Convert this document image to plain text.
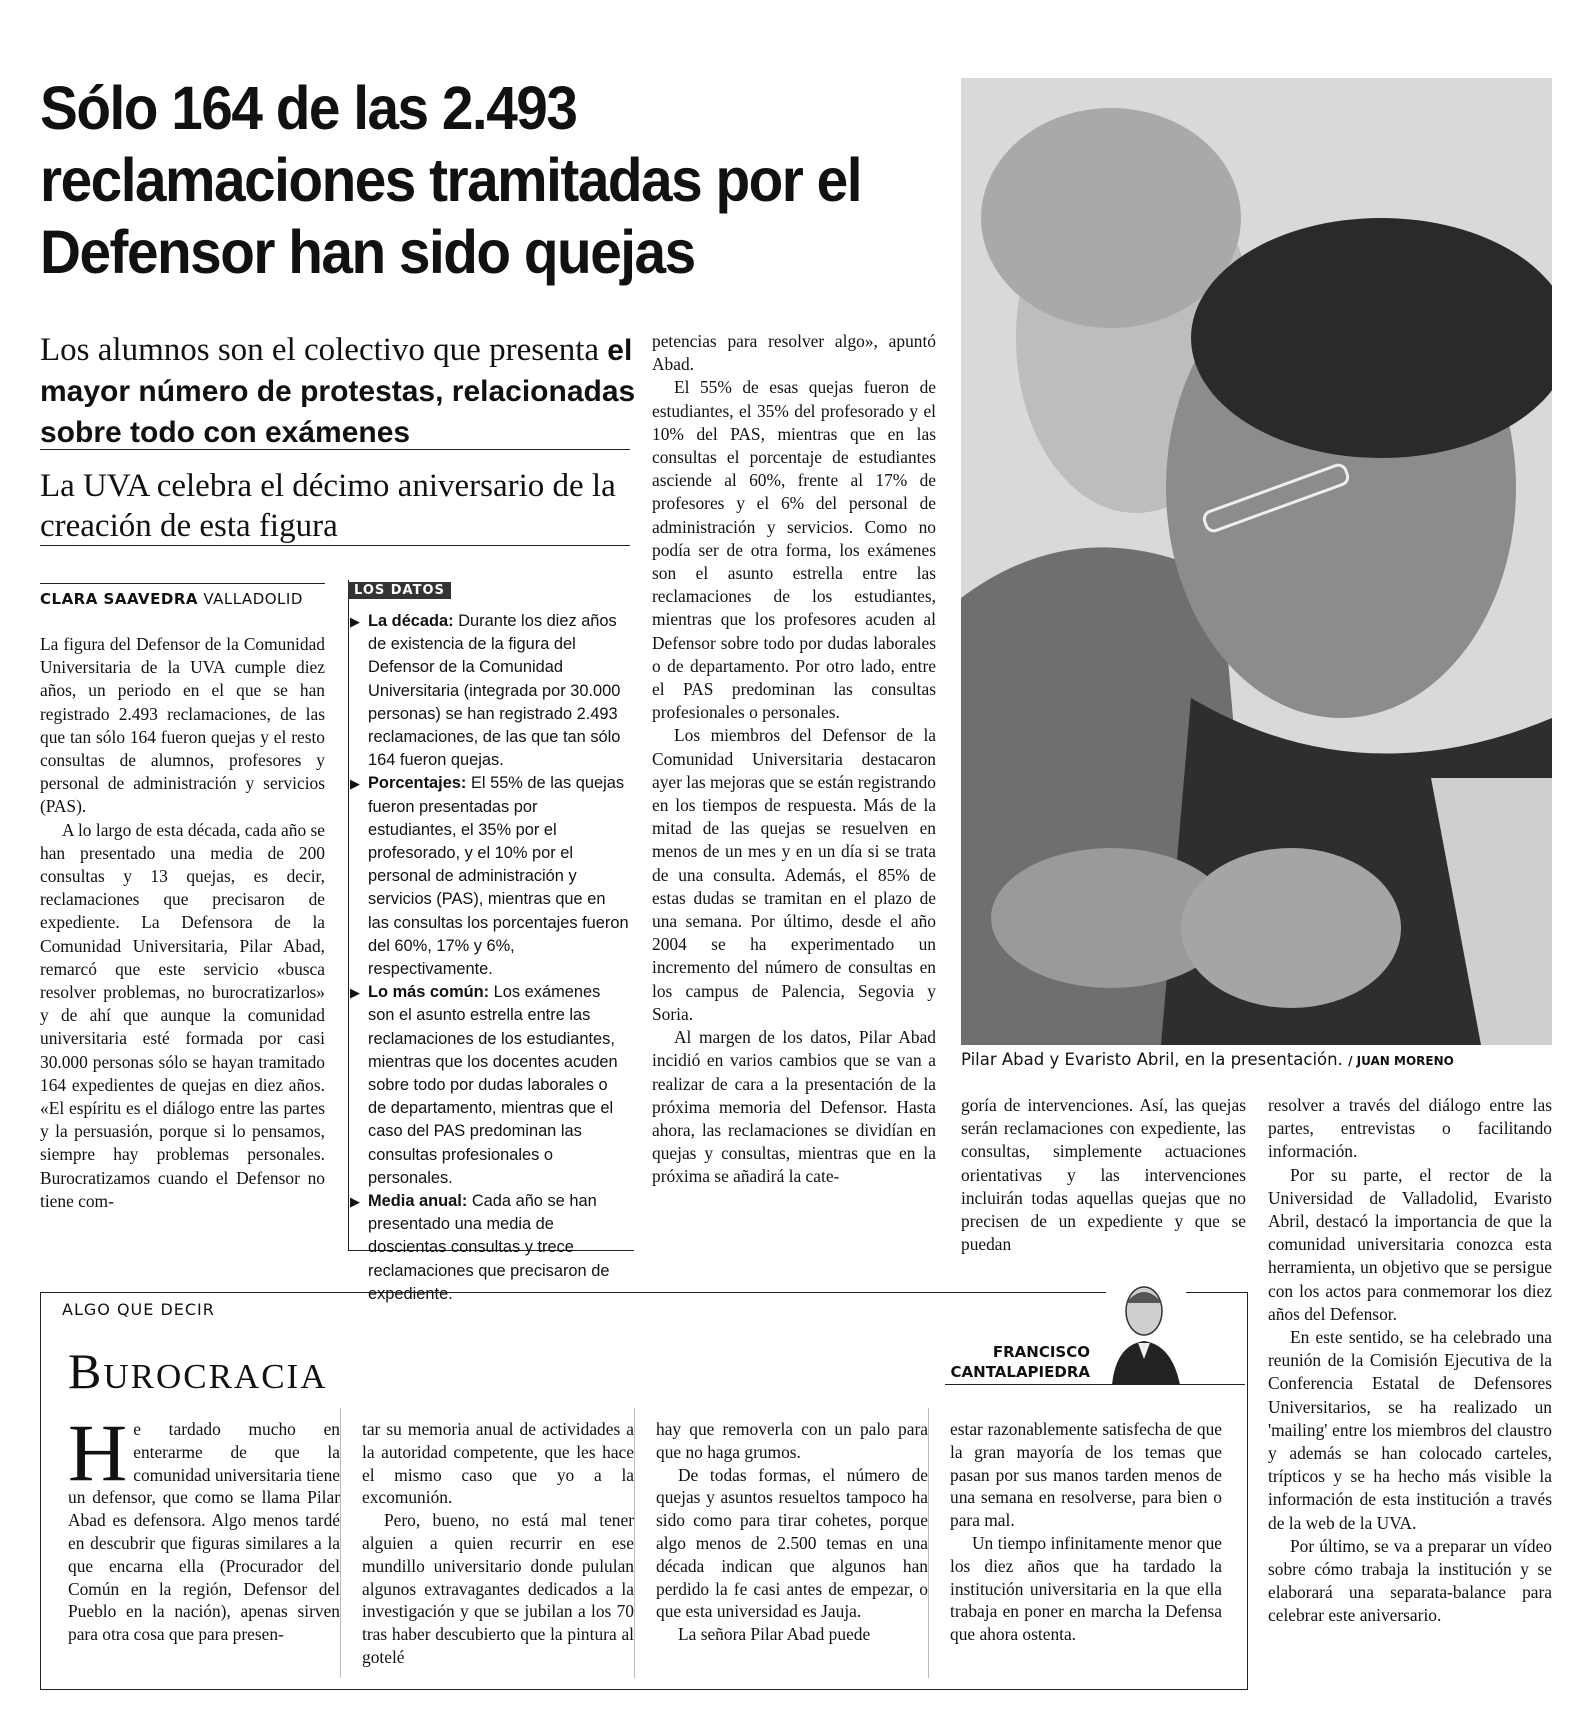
Sólo 164 de las 2.493 reclamaciones tramitadas por el Defensor han sido quejas
Los alumnos son el colectivo que presenta el mayor número de protestas, relacionadas sobre todo con exámenes
La UVA celebra el décimo aniversario de la creación de esta figura
CLARA SAAVEDRA VALLADOLID

La figura del Defensor de la Comunidad Universitaria de la UVA cumple diez años, un periodo en el que se han registrado 2.493 reclamaciones, de las que tan sólo 164 fueron quejas y el resto consultas de alumnos, profesores y personal de administración y servicios (PAS).

A lo largo de esta década, cada año se han presentado una media de 200 consultas y 13 quejas, es decir, reclamaciones que precisaron de expediente. La Defensora de la Comunidad Universitaria, Pilar Abad, remarcó que este servicio «busca resolver problemas, no burocratizarlos» y de ahí que aunque la comunidad universitaria esté formada por casi 30.000 personas sólo se hayan tramitado 164 expedientes de quejas en diez años. «El espíritu es el diálogo entre las partes y la persuasión, porque si lo pensamos, siempre hay problemas personales. Burocratizamos cuando el Defensor no tiene com-

LOS DATOS
▶ La década: Durante los diez años de existencia de la figura del Defensor de la Comunidad Universitaria (integrada por 30.000 personas) se han registrado 2.493 reclamaciones, de las que tan sólo 164 fueron quejas.
▶ Porcentajes: El 55% de las quejas fueron presentadas por estudiantes, el 35% por el profesorado, y el 10% por el personal de administración y servicios (PAS), mientras que en las consultas los porcentajes fueron del 60%, 17% y 6%, respectivamente.
▶ Lo más común: Los exámenes son el asunto estrella entre las reclamaciones de los estudiantes, mientras que los docentes acuden sobre todo por dudas laborales o de departamento, mientras que el caso del PAS predominan las consultas profesionales o personales.
▶ Media anual: Cada año se han presentado una media de doscientas consultas y trece reclamaciones que precisaron de expediente.

petencias para resolver algo», apuntó Abad.

El 55% de esas quejas fueron de estudiantes, el 35% del profesorado y el 10% del PAS, mientras que en las consultas el porcentaje de estudiantes asciende al 60%, frente al 17% de profesores y el 6% del personal de administración y servicios. Como no podía ser de otra forma, los exámenes son el asunto estrella entre las reclamaciones de los estudiantes, mientras que los profesores acuden al Defensor sobre todo por dudas laborales o de departamento. Por otro lado, entre el PAS predominan las consultas profesionales o personales.

Los miembros del Defensor de la Comunidad Universitaria destacaron ayer las mejoras que se están registrando en los tiempos de respuesta. Más de la mitad de las quejas se resuelven en menos de un mes y en un día si se trata de una consulta. Además, el 85% de estas dudas se tramitan en el plazo de una semana. Por último, desde el año 2004 se ha experimentado un incremento del número de consultas en los campus de Palencia, Segovia y Soria.

Al margen de los datos, Pilar Abad incidió en varios cambios que se van a realizar de cara a la presentación de la próxima memoria del Defensor. Hasta ahora, las reclamaciones se dividían en quejas y consultas, mientras que en la próxima se añadirá la cate-

Pilar Abad y Evaristo Abril, en la presentación. / JUAN MORENO

goría de intervenciones. Así, las quejas serán reclamaciones con expediente, las consultas, simplemente actuaciones orientativas y las intervenciones incluirán todas aquellas quejas que no precisen de un expediente y que se puedan

resolver a través del diálogo entre las partes, entrevistas o facilitando información.

Por su parte, el rector de la Universidad de Valladolid, Evaristo Abril, destacó la importancia de que la comunidad universitaria conozca esta herramienta, un objetivo que se persigue con los actos para conmemorar los diez años del Defensor.

En este sentido, se ha celebrado una reunión de la Comisión Ejecutiva de la Conferencia Estatal de Defensores Universitarios, se ha realizado un 'mailing' entre los miembros del claustro y además se han colocado carteles, trípticos y se ha hecho más visible la información de esta institución a través de la web de la UVA.

Por último, se va a preparar un vídeo sobre cómo trabaja la institución y se elaborará una separata-balance para celebrar este aniversario.

ALGO QUE DECIR
Burocracia	FRANCISCO
CANTALAPIEDRA

He tardado mucho en enterarme de que la comunidad universitaria tiene un defensor, que como se llama Pilar Abad es defensora. Algo menos tardé en descubrir que figuras similares a la que encarna ella (Procurador del Común en la región, Defensor del Pueblo en la nación), apenas sirven para otra cosa que para presen-

tar su memoria anual de actividades a la autoridad competente, que les hace el mismo caso que yo a la excomunión.

Pero, bueno, no está mal tener alguien a quien recurrir en ese mundillo universitario donde pululan algunos extravagantes dedicados a la investigación y que se jubilan a los 70 tras haber descubierto que la pintura al gotelé

hay que removerla con un palo para que no haga grumos.

De todas formas, el número de quejas y asuntos resueltos tampoco ha sido como para tirar cohetes, porque algo menos de 2.500 temas en una década indican que algunos han perdido la fe casi antes de empezar, o que esta universidad es Jauja.

La señora Pilar Abad puede

estar razonablemente satisfecha de que la gran mayoría de los temas que pasan por sus manos tarden menos de una semana en resolverse, para bien o para mal.

Un tiempo infinitamente menor que los diez años que ha tardado la institución universitaria en la que ella trabaja en poner en marcha la Defensa que ahora ostenta.
